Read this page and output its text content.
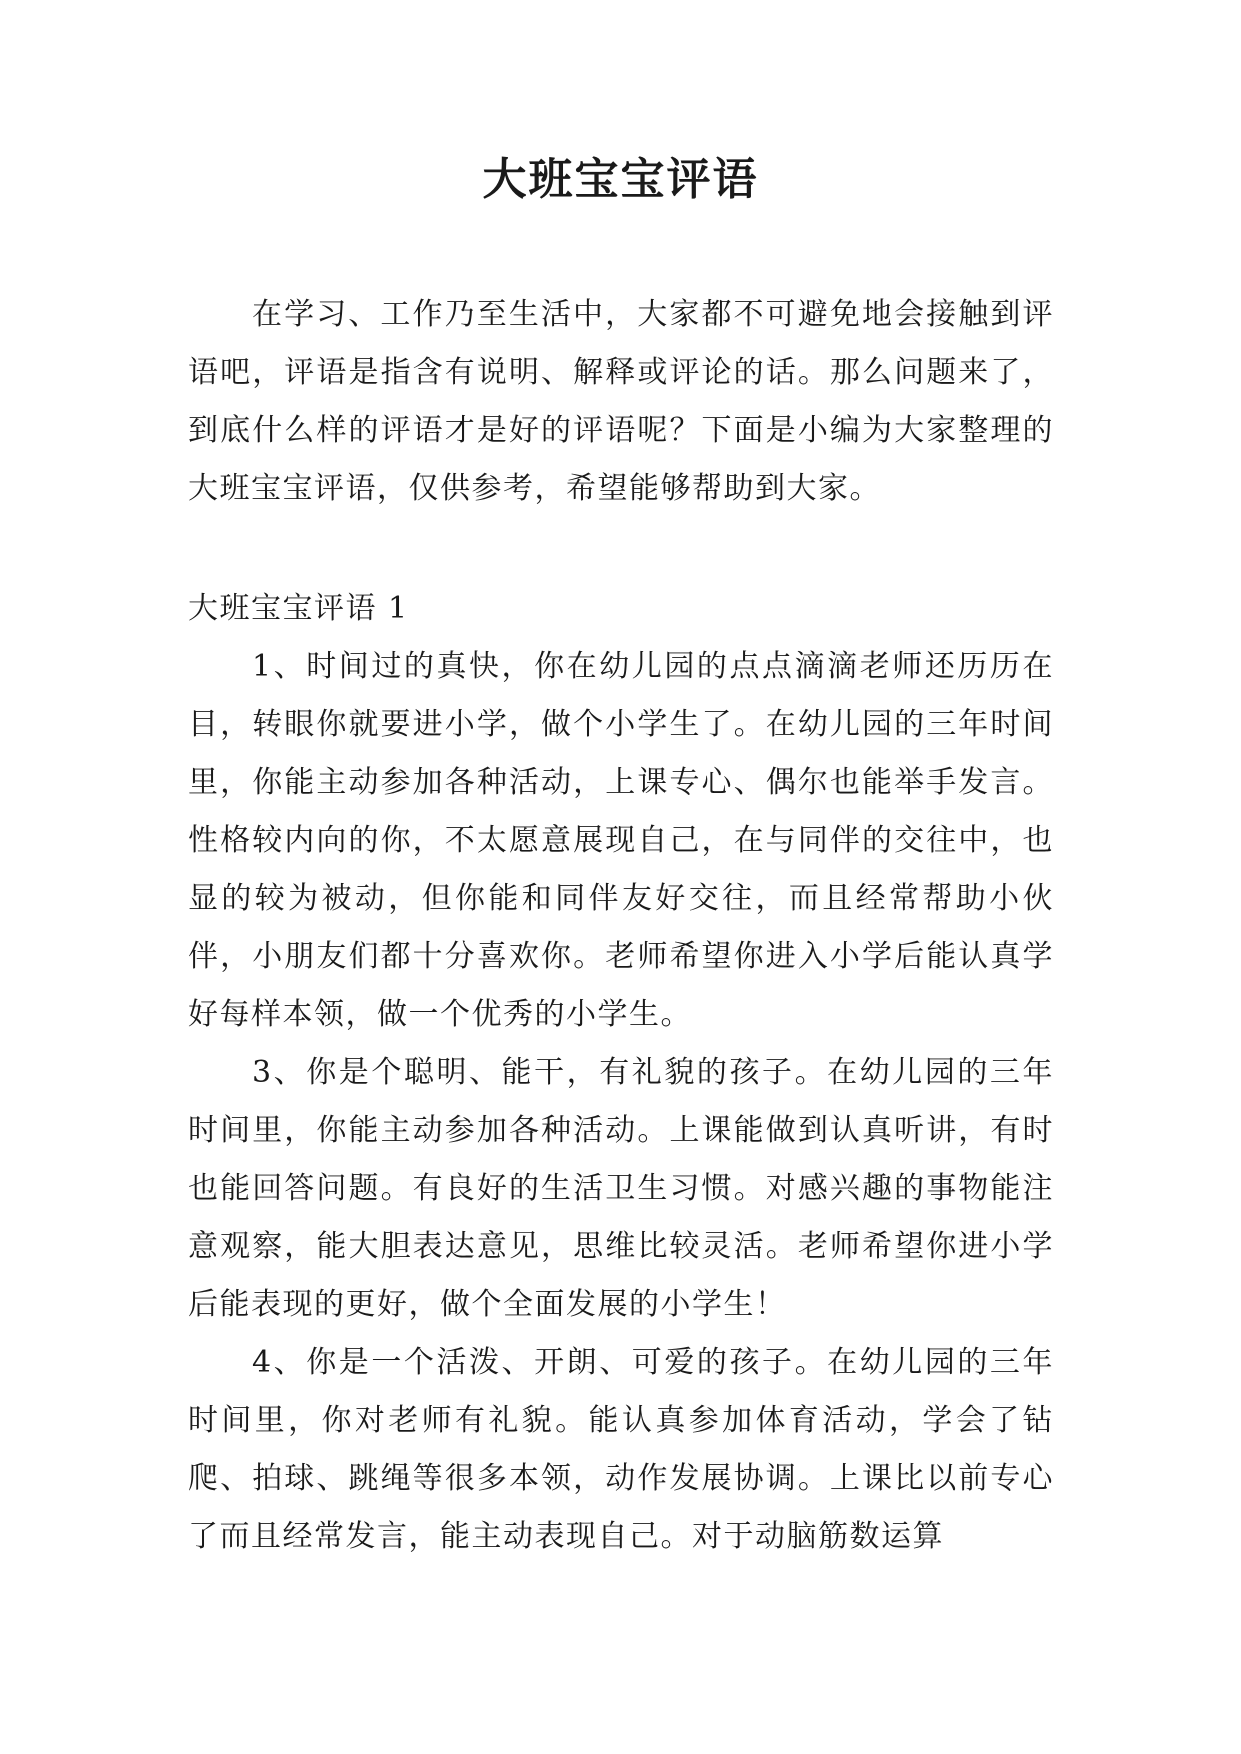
大班宝宝评语

在学习、工作乃至生活中，大家都不可避免地会接触到评语吧，评语是指含有说明、解释或评论的话。那么问题来了，到底什么样的评语才是好的评语呢？下面是小编为大家整理的大班宝宝评语，仅供参考，希望能够帮助到大家。

大班宝宝评语 1

1、时间过的真快，你在幼儿园的点点滴滴老师还历历在目，转眼你就要进小学，做个小学生了。在幼儿园的三年时间里，你能主动参加各种活动，上课专心、偶尔也能举手发言。性格较内向的你，不太愿意展现自己，在与同伴的交往中，也显的较为被动，但你能和同伴友好交往，而且经常帮助小伙伴，小朋友们都十分喜欢你。老师希望你进入小学后能认真学好每样本领，做一个优秀的小学生。

3、你是个聪明、能干，有礼貌的孩子。在幼儿园的三年时间里，你能主动参加各种活动。上课能做到认真听讲，有时也能回答问题。有良好的生活卫生习惯。对感兴趣的事物能注意观察，能大胆表达意见，思维比较灵活。老师希望你进小学后能表现的更好，做个全面发展的小学生！

4、你是一个活泼、开朗、可爱的孩子。在幼儿园的三年时间里，你对老师有礼貌。能认真参加体育活动，学会了钻爬、拍球、跳绳等很多本领，动作发展协调。上课比以前专心了而且经常发言，能主动表现自己。对于动脑筋数运算
